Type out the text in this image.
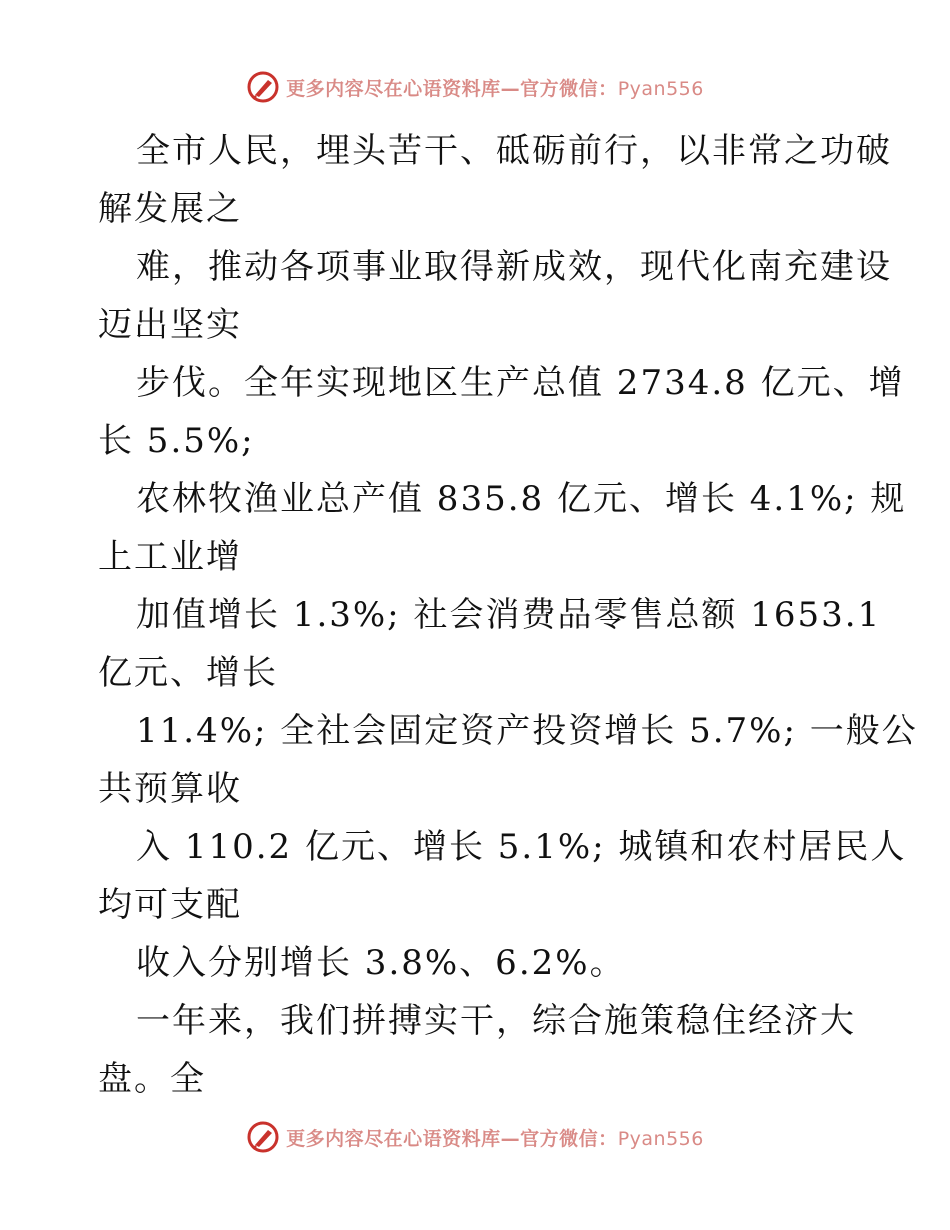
更多内容尽在心语资料库—官方微信：Pyan556
全市人民，埋头苦干、砥砺前行，以非常之功破
解发展之
难，推动各项事业取得新成效，现代化南充建设
迈出坚实
步伐。全年实现地区生产总值 2734.8 亿元、增
长 5.5%;
农林牧渔业总产值 835.8 亿元、增长 4.1%; 规
上工业增
加值增长 1.3%; 社会消费品零售总额 1653.1
亿元、增长
11.4%; 全社会固定资产投资增长 5.7%; 一般公
共预算收
入 110.2 亿元、增长 5.1%; 城镇和农村居民人
均可支配
收入分别增长 3.8%、6.2%。
一年来，我们拼搏实干，综合施策稳住经济大
盘。全
更多内容尽在心语资料库—官方微信：Pyan556
